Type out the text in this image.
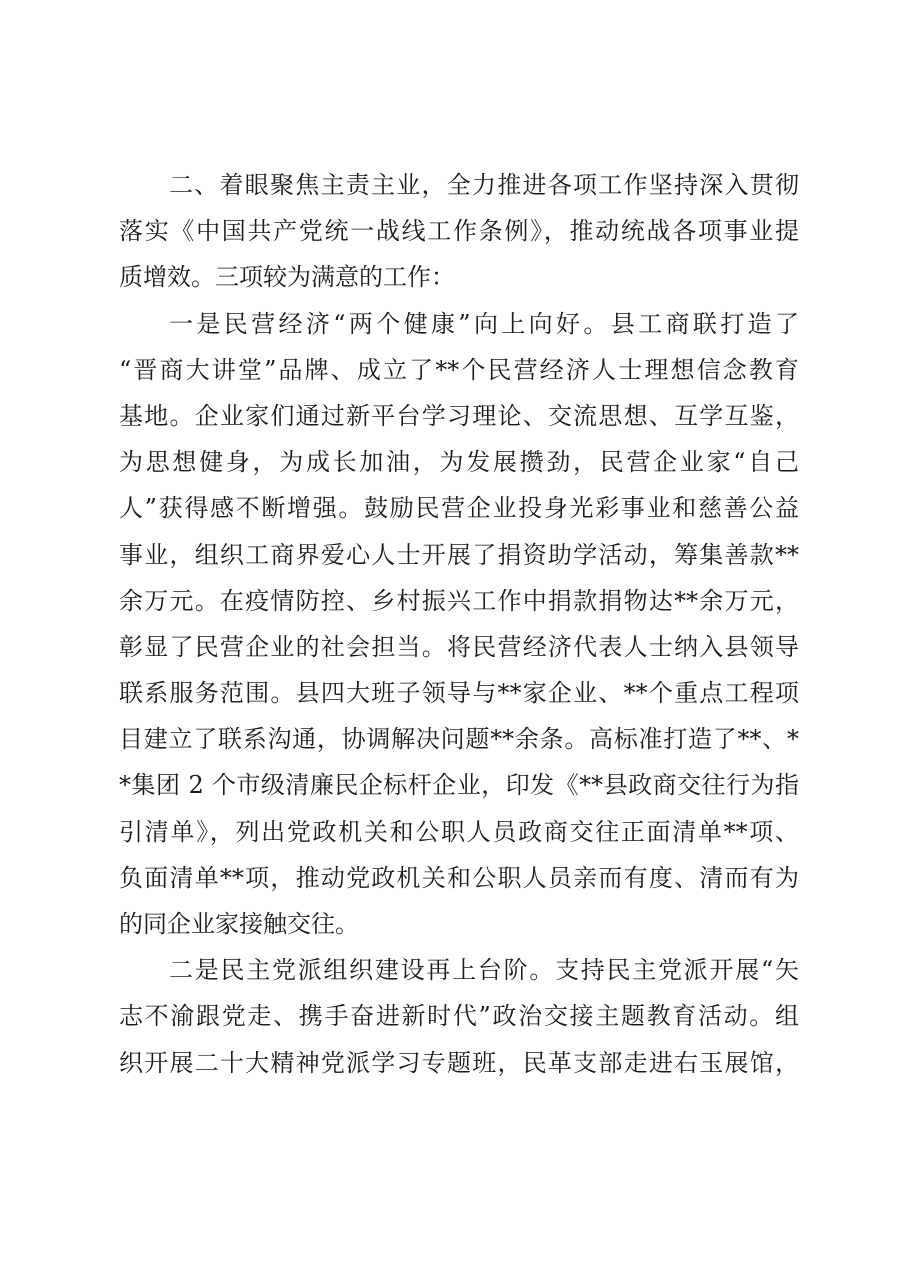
二、着眼聚焦主责主业，全力推进各项工作坚持深入贯彻
落实《中国共产党统一战线工作条例》，推动统战各项事业提
质增效。三项较为满意的工作：
一是民营经济“两个健康”向上向好。县工商联打造了
“晋商大讲堂”品牌、成立了**个民营经济人士理想信念教育
基地。企业家们通过新平台学习理论、交流思想、互学互鉴，
为思想健身，为成长加油，为发展攒劲，民营企业家“自己
人”获得感不断增强。鼓励民营企业投身光彩事业和慈善公益
事业，组织工商界爱心人士开展了捐资助学活动，筹集善款**
余万元。在疫情防控、乡村振兴工作中捐款捐物达**余万元，
彰显了民营企业的社会担当。将民营经济代表人士纳入县领导
联系服务范围。县四大班子领导与**家企业、**个重点工程项
目建立了联系沟通，协调解决问题**余条。高标准打造了**、*
*集团 2 个市级清廉民企标杆企业，印发《**县政商交往行为指
引清单》，列出党政机关和公职人员政商交往正面清单**项、
负面清单**项，推动党政机关和公职人员亲而有度、清而有为
的同企业家接触交往。
二是民主党派组织建设再上台阶。支持民主党派开展“矢
志不渝跟党走、携手奋进新时代”政治交接主题教育活动。组
织开展二十大精神党派学习专题班，民革支部走进右玉展馆，
